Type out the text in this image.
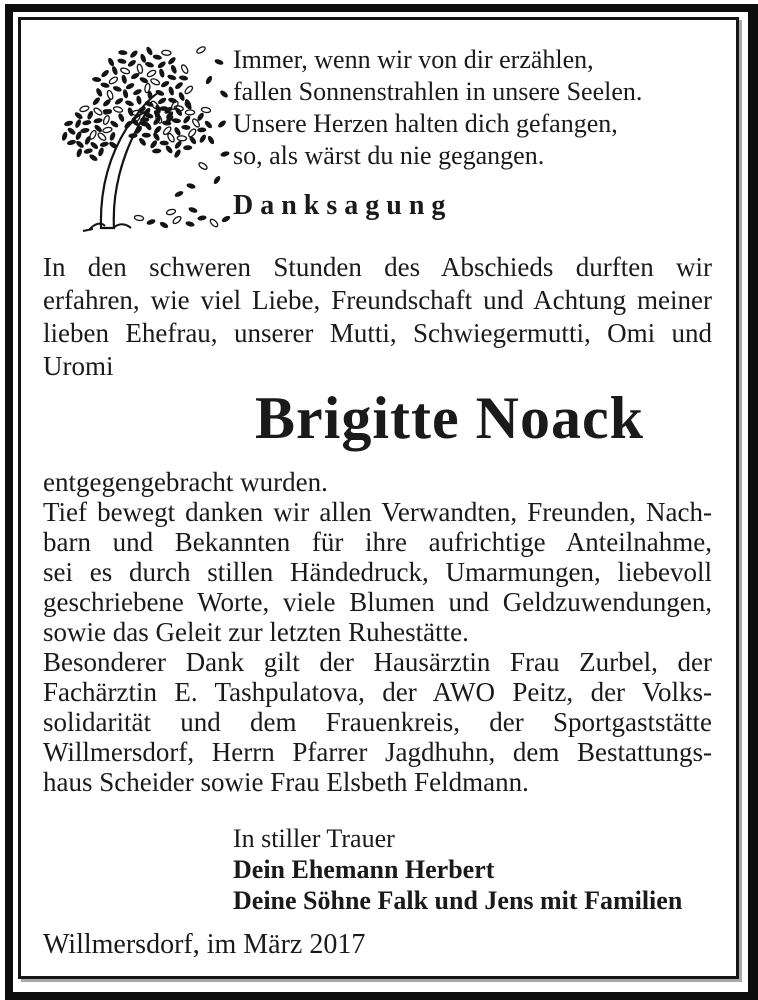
Immer, wenn wir von dir erzählen,
fallen Sonnenstrahlen in unsere Seelen.
Unsere Herzen halten dich gefangen,
so, als wärst du nie gegangen.
Danksagung
In den schweren Stunden des Abschieds durften wir
erfahren, wie viel Liebe, Freundschaft und Achtung meiner
lieben Ehefrau, unserer Mutti, Schwiegermutti, Omi und
Uromi
Brigitte Noack
entgegengebracht wurden.
Tief bewegt danken wir allen Verwandten, Freunden, Nach-
barn und Bekannten für ihre aufrichtige Anteilnahme,
sei es durch stillen Händedruck, Umarmungen, liebevoll
geschriebene Worte, viele Blumen und Geldzuwendungen,
sowie das Geleit zur letzten Ruhestätte.
Besonderer Dank gilt der Hausärztin Frau Zurbel, der
Fachärztin E. Tashpulatova, der AWO Peitz, der Volks-
solidarität und dem Frauenkreis, der Sportgaststätte
Willmersdorf, Herrn Pfarrer Jagdhuhn, dem Bestattungs-
haus Scheider sowie Frau Elsbeth Feldmann.
In stiller Trauer
Dein Ehemann Herbert
Deine Söhne Falk und Jens mit Familien
Willmersdorf, im März 2017
